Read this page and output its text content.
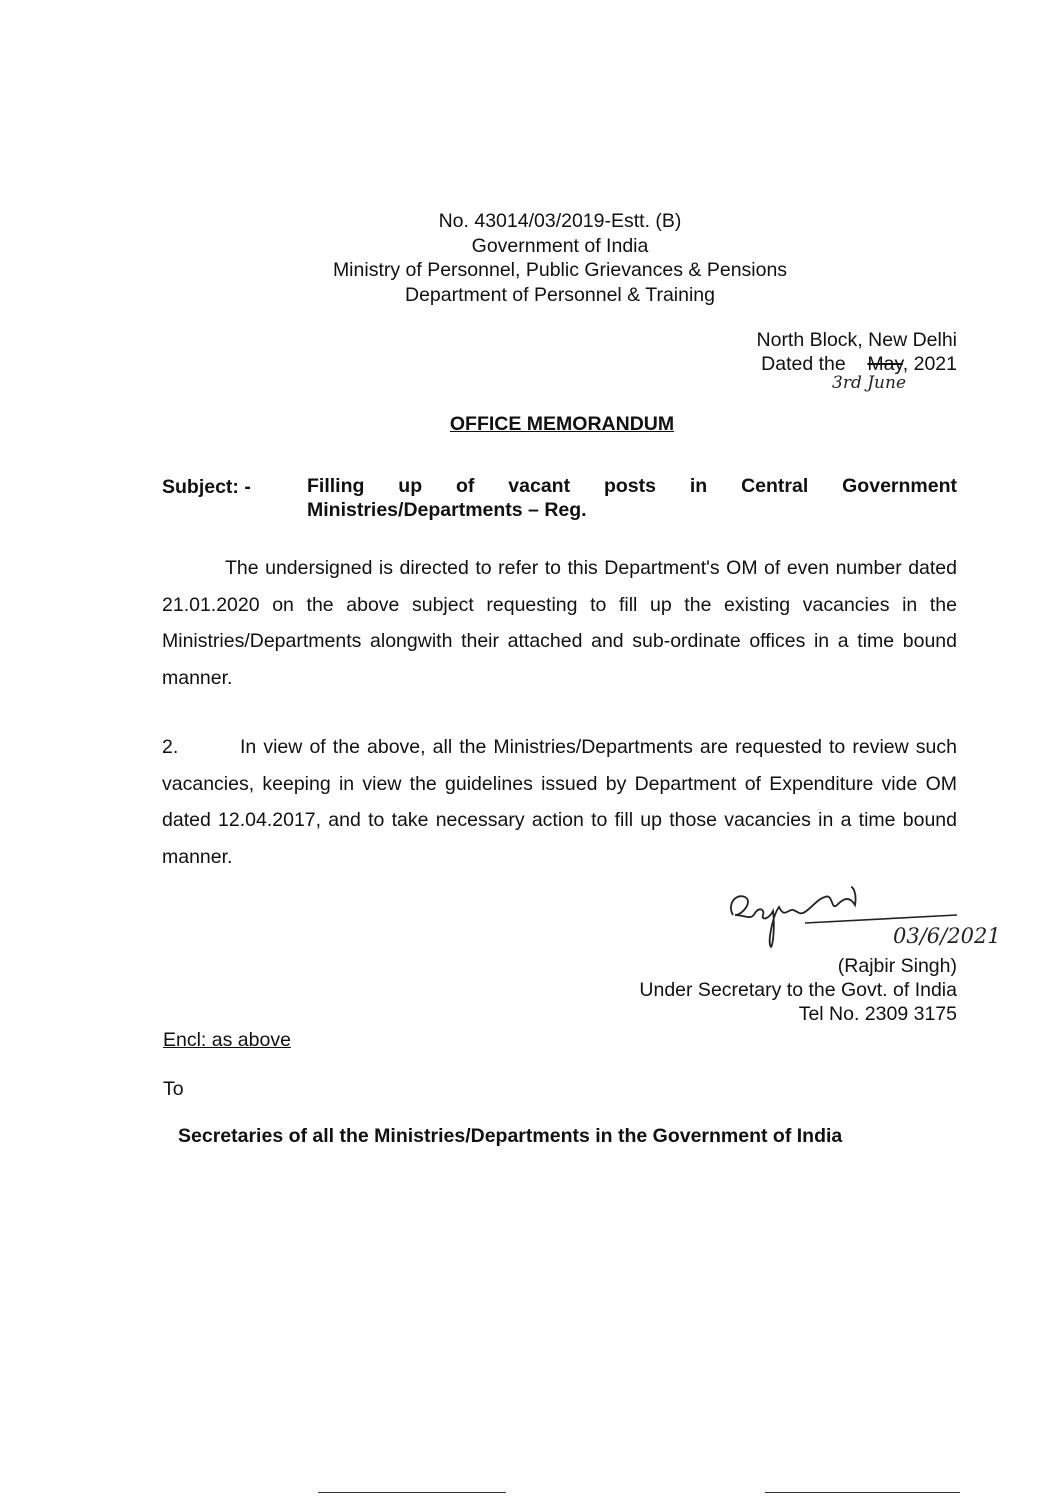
No. 43014/03/2019-Estt. (B)
Government of India
Ministry of Personnel, Public Grievances & Pensions
Department of Personnel & Training
North Block, New Delhi
Dated the May, 2021
3rd June
OFFICE MEMORANDUM
Subject: -	Filling up of vacant posts in Central Government Ministries/Departments – Reg.
The undersigned is directed to refer to this Department's OM of even number dated 21.01.2020 on the above subject requesting to fill up the existing vacancies in the Ministries/Departments alongwith their attached and sub-ordinate offices in a time bound manner.
2.	In view of the above, all the Ministries/Departments are requested to review such vacancies, keeping in view the guidelines issued by Department of Expenditure vide OM dated 12.04.2017, and to take necessary action to fill up those vacancies in a time bound manner.
03/6/2021
(Rajbir Singh)
Under Secretary to the Govt. of India
Tel No. 2309 3175
Encl: as above
To
Secretaries of all the Ministries/Departments in the Government of India
